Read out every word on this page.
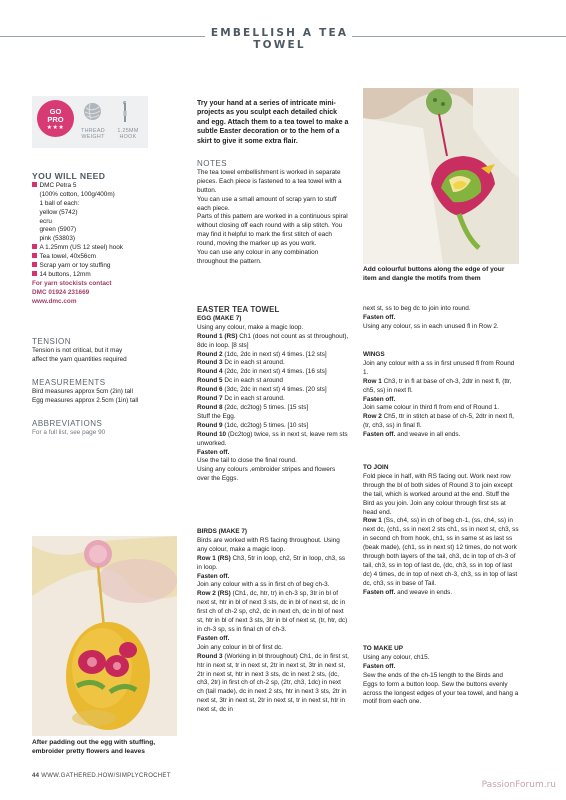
EMBELLISH A TEA TOWEL
GO
PRO
★★★	THREAD
WEIGHT
1.25MM
HOOK
YOU WILL NEED
DMC Petra 5
(100% cotton, 100g/400m)
1 ball of each:
yellow (5742)
ecru
green (5907)
pink (53803)
A 1.25mm (US 12 steel) hook
Tea towel, 40x56cm
Scrap yarn or toy stuffing
14 buttons, 12mm
For yarn stockists contact
DMC 01924 231669
www.dmc.com
TENSION
Tension is not critical, but it may
affect the yarn quantities required
MEASUREMENTS
Bird measures approx 5cm (2in) tall
Egg measures approx 2.5cm (1in) tall
ABBREVIATIONS
For a full list, see page 90
After padding out the egg with stuffing, embroider pretty flowers and leaves
Try your hand at a series of intricate mini-projects as you sculpt each detailed chick and egg. Attach them to a tea towel to make a subtle Easter decoration or to the hem of a skirt to give it some extra flair.
NOTES
The tea towel embellishment is worked in separate pieces. Each piece is fastened to a tea towel with a button.
You can use a small amount of scrap yarn to stuff each piece.
Parts of this pattern are worked in a continuous spiral without closing off each round with a slip stitch. You may find it helpful to mark the first stitch of each round, moving the marker up as you work.
You can use any colour in any combination throughout the pattern.
EASTER TEA TOWEL
EGG (MAKE 7)
Using any colour, make a magic loop.
Round 1 (RS) Ch1 (does not count as st throughout), 8dc in loop. [8 sts]
Round 2 (1dc, 2dc in next st) 4 times. [12 sts]
Round 3 Dc in each st around.
Round 4 (2dc, 2dc in next st) 4 times. [16 sts]
Round 5 Dc in each st around
Round 6 (3dc, 2dc in next st) 4 times. [20 sts]
Round 7 Dc in each st around.
Round 8 (2dc, dc2tog) 5 times. [15 sts]
Stuff the Egg.
Round 9 (1dc, dc2tog) 5 times. [10 sts]
Round 10 (Dc2tog) twice, ss in next st, leave rem sts unworked.
Fasten off.
Use the tail to close the final round.
Using any colours ,embroider stripes and flowers over the Eggs.
BIRDS (MAKE 7)
Birds are worked with RS facing throughout. Using any colour, make a magic loop.
Row 1 (RS) Ch3, 5tr in loop, ch2, 5tr in loop, ch3, ss in loop.
Fasten off.
Join any colour with a ss in first ch of beg ch-3.
Row 2 (RS) (Ch1, dc, htr, tr) in ch-3 sp, 3tr in bl of next st, htr in bl of next 3 sts, dc in bl of next st, dc in first ch of ch-2 sp, ch2, dc in next ch, dc in bl of next st, htr in bl of next 3 sts, 3tr in bl of next st, (tr, htr, dc) in ch-3 sp, ss in final ch of ch-3.
Fasten off.
Join any colour in bl of first dc.
Round 3 (Working in bl throughout) Ch1, dc in first st, htr in next st, tr in next st, 2tr in next st, 3tr in next st, 2tr in next st, htr in next 3 sts, dc in next 2 sts, (dc, ch3, 2tr) in first ch of ch-2 sp, (2tr, ch3, 1dc) in next ch (tail made), dc in next 2 sts, htr in next 3 sts, 2tr in next st, 3tr in next st, 2tr in next st, tr in next st, htr in next st, dc in
Add colourful buttons along the edge of your item and dangle the motifs from them
next st, ss to beg dc to join into round.
Fasten off.
Using any colour, ss in each unused fl in Row 2.
WINGS
Join any colour with a ss in first unused fl from Round 1.
Row 1 Ch3, tr in fl at base of ch-3, 2dtr in next fl, (ttr, ch5, ss) in next fl.
Fasten off.
Join same colour in third fl from end of Round 1.
Row 2 Ch5, ttr in stitch at base of ch-5, 2dtr in next fl, (tr, ch3, ss) in final fl.
Fasten off. and weave in all ends.
TO JOIN
Fold piece in half, with RS facing out. Work next row through the bl of both sides of Round 3 to join except the tail, which is worked around at the end. Stuff the Bird as you join. Join any colour through first sts at head end.
Row 1 (Ss, ch4, ss) in ch of beg ch-1, (ss, ch4, ss) in next dc, (ch1, ss in next 2 sts ch1, ss in next st, ch3, ss in second ch from hook, ch1, ss in same st as last ss (beak made), (ch1, ss in next st) 12 times, do not work through both layers of the tail, ch3, dc in top of ch-3 of tail, ch3, ss in top of last dc, (dc, ch3, ss in top of last dc) 4 times, dc in top of next ch-3, ch3, ss in top of last dc, ch3, ss in base of Tail.
Fasten off. and weave in ends.
TO MAKE UP
Using any colour, ch15.
Fasten off.
Sew the ends of the ch-15 length to the Birds and Eggs to form a button loop. Sew the buttons evenly across the longest edges of your tea towel, and hang a motif from each one.
44 WWW.GATHERED.HOW/SIMPLYCROCHET
PassionForum.ru
